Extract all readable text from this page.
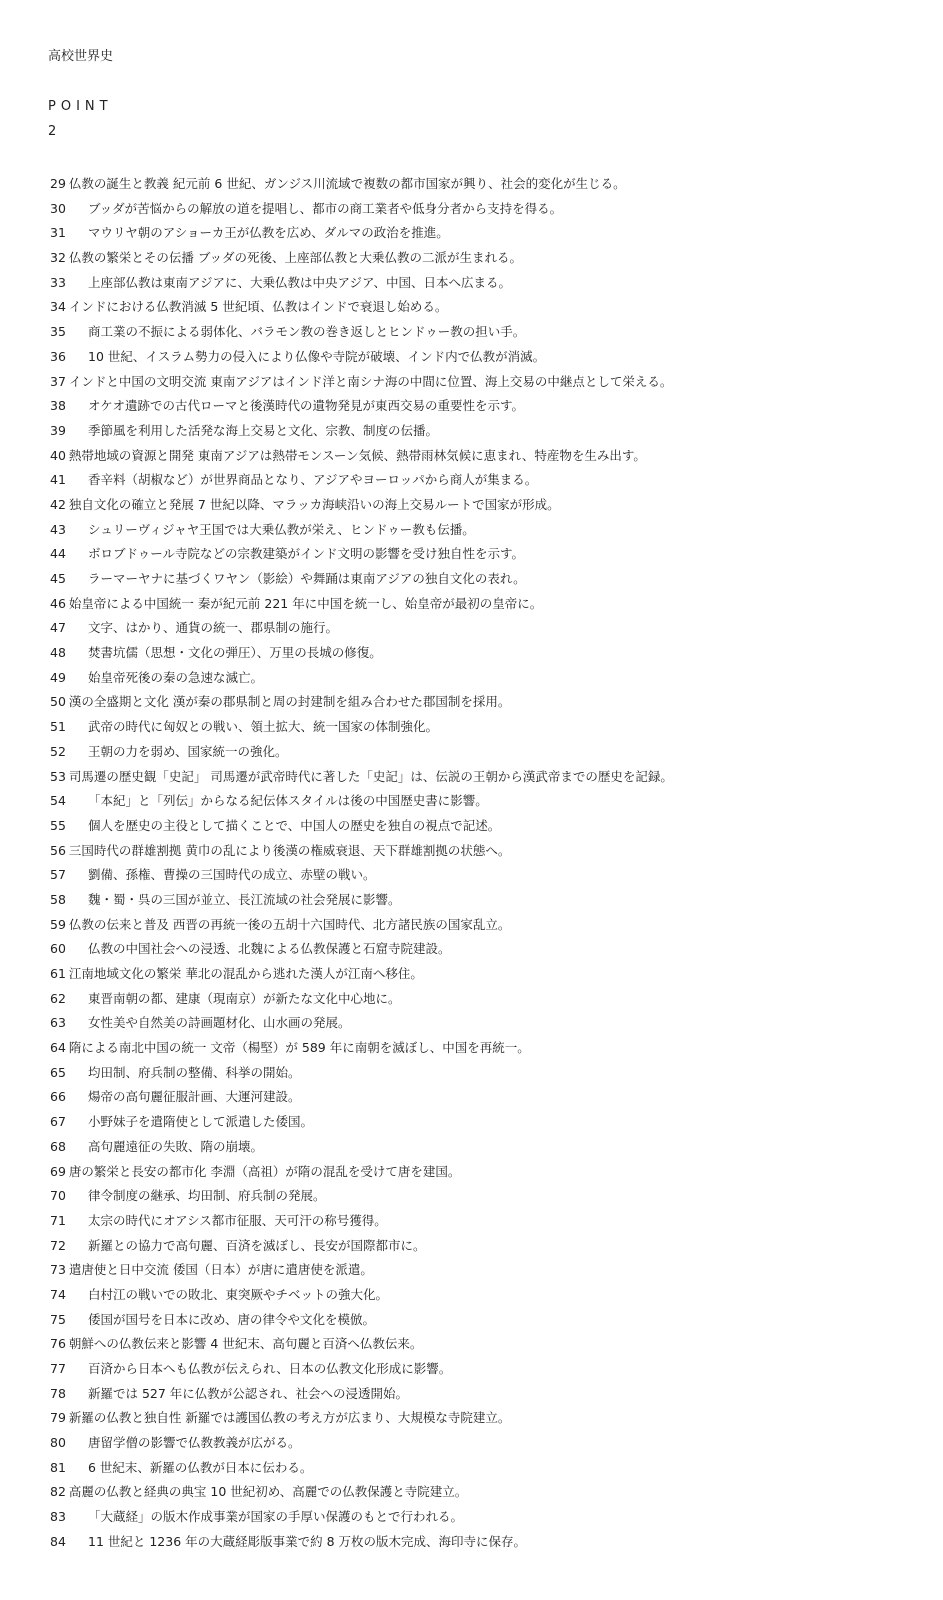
高校世界史
POINT
2
29 仏教の誕生と教義 紀元前 6 世紀、ガンジス川流域で複数の都市国家が興り、社会的変化が生じる。
30 ブッダが苦悩からの解放の道を提唱し、都市の商工業者や低身分者から支持を得る。
31 マウリヤ朝のアショーカ王が仏教を広め、ダルマの政治を推進。
32 仏教の繁栄とその伝播 ブッダの死後、上座部仏教と大乗仏教の二派が生まれる。
33 上座部仏教は東南アジアに、大乗仏教は中央アジア、中国、日本へ広まる。
34 インドにおける仏教消滅 5 世紀頃、仏教はインドで衰退し始める。
35 商工業の不振による弱体化、バラモン教の巻き返しとヒンドゥー教の担い手。
36 10 世紀、イスラム勢力の侵入により仏像や寺院が破壊、インド内で仏教が消滅。
37 インドと中国の文明交流 東南アジアはインド洋と南シナ海の中間に位置、海上交易の中継点として栄える。
38 オケオ遺跡での古代ローマと後漢時代の遺物発見が東西交易の重要性を示す。
39 季節風を利用した活発な海上交易と文化、宗教、制度の伝播。
40 熱帯地域の資源と開発 東南アジアは熱帯モンスーン気候、熱帯雨林気候に恵まれ、特産物を生み出す。
41 香辛料（胡椒など）が世界商品となり、アジアやヨーロッパから商人が集まる。
42 独自文化の確立と発展 7 世紀以降、マラッカ海峡沿いの海上交易ルートで国家が形成。
43 シュリーヴィジャヤ王国では大乗仏教が栄え、ヒンドゥー教も伝播。
44 ボロブドゥール寺院などの宗教建築がインド文明の影響を受け独自性を示す。
45 ラーマーヤナに基づくワヤン（影絵）や舞踊は東南アジアの独自文化の表れ。
46 始皇帝による中国統一 秦が紀元前 221 年に中国を統一し、始皇帝が最初の皇帝に。
47 文字、はかり、通貨の統一、郡県制の施行。
48 焚書坑儒（思想・文化の弾圧）、万里の長城の修復。
49 始皇帝死後の秦の急速な滅亡。
50 漢の全盛期と文化 漢が秦の郡県制と周の封建制を組み合わせた郡国制を採用。
51 武帝の時代に匈奴との戦い、領土拡大、統一国家の体制強化。
52 王朝の力を弱め、国家統一の強化。
53 司馬遷の歴史観「史記」 司馬遷が武帝時代に著した「史記」は、伝説の王朝から漢武帝までの歴史を記録。
54 「本紀」と「列伝」からなる紀伝体スタイルは後の中国歴史書に影響。
55 個人を歴史の主役として描くことで、中国人の歴史を独自の視点で記述。
56 三国時代の群雄割拠 黄巾の乱により後漢の権威衰退、天下群雄割拠の状態へ。
57 劉備、孫権、曹操の三国時代の成立、赤壁の戦い。
58 魏・蜀・呉の三国が並立、長江流域の社会発展に影響。
59 仏教の伝来と普及 西晋の再統一後の五胡十六国時代、北方諸民族の国家乱立。
60 仏教の中国社会への浸透、北魏による仏教保護と石窟寺院建設。
61 江南地域文化の繁栄 華北の混乱から逃れた漢人が江南へ移住。
62 東晋南朝の都、建康（現南京）が新たな文化中心地に。
63 女性美や自然美の詩画題材化、山水画の発展。
64 隋による南北中国の統一 文帝（楊堅）が 589 年に南朝を滅ぼし、中国を再統一。
65 均田制、府兵制の整備、科挙の開始。
66 煬帝の高句麗征服計画、大運河建設。
67 小野妹子を遣隋使として派遣した倭国。
68 高句麗遠征の失敗、隋の崩壊。
69 唐の繁栄と長安の都市化 李淵（高祖）が隋の混乱を受けて唐を建国。
70 律令制度の継承、均田制、府兵制の発展。
71 太宗の時代にオアシス都市征服、天可汗の称号獲得。
72 新羅との協力で高句麗、百済を滅ぼし、長安が国際都市に。
73 遣唐使と日中交流 倭国（日本）が唐に遣唐使を派遣。
74 白村江の戦いでの敗北、東突厥やチベットの強大化。
75 倭国が国号を日本に改め、唐の律令や文化を模倣。
76 朝鮮への仏教伝来と影響 4 世紀末、高句麗と百済へ仏教伝来。
77 百済から日本へも仏教が伝えられ、日本の仏教文化形成に影響。
78 新羅では 527 年に仏教が公認され、社会への浸透開始。
79 新羅の仏教と独自性 新羅では護国仏教の考え方が広まり、大規模な寺院建立。
80 唐留学僧の影響で仏教教義が広がる。
81 6 世紀末、新羅の仏教が日本に伝わる。
82 高麗の仏教と経典の典宝 10 世紀初め、高麗での仏教保護と寺院建立。
83 「大蔵経」の版木作成事業が国家の手厚い保護のもとで行われる。
84 11 世紀と 1236 年の大蔵経彫版事業で約 8 万枚の版木完成、海印寺に保存。
